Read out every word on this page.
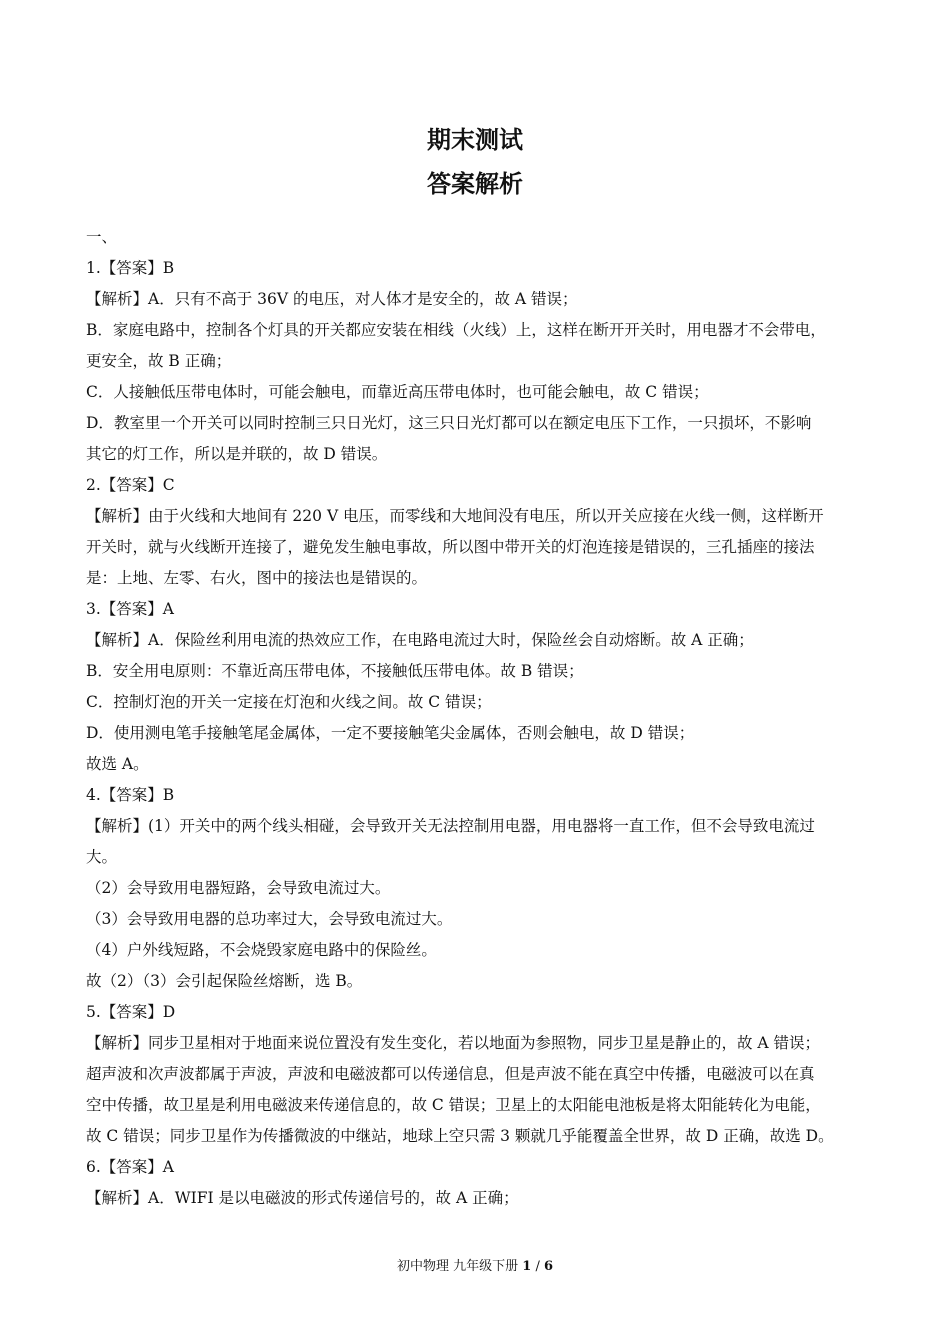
期末测试
答案解析
一、
1.【答案】B
【解析】A．只有不高于 36V 的电压，对人体才是安全的，故 A 错误；
B．家庭电路中，控制各个灯具的开关都应安装在相线（火线）上，这样在断开开关时，用电器才不会带电，
更安全，故 B 正确；
C．人接触低压带电体时，可能会触电，而靠近高压带电体时，也可能会触电，故 C 错误；
D．教室里一个开关可以同时控制三只日光灯，这三只日光灯都可以在额定电压下工作，一只损坏，不影响
其它的灯工作，所以是并联的，故 D 错误。
2.【答案】C
【解析】由于火线和大地间有 220 V 电压，而零线和大地间没有电压，所以开关应接在火线一侧，这样断开
开关时，就与火线断开连接了，避免发生触电事故，所以图中带开关的灯泡连接是错误的，三孔插座的接法
是：上地、左零、右火，图中的接法也是错误的。
3.【答案】A
【解析】A．保险丝利用电流的热效应工作，在电路电流过大时，保险丝会自动熔断。故 A 正确；
B．安全用电原则：不靠近高压带电体，不接触低压带电体。故 B 错误；
C．控制灯泡的开关一定接在灯泡和火线之间。故 C 错误；
D．使用测电笔手接触笔尾金属体，一定不要接触笔尖金属体，否则会触电，故 D 错误；
故选 A。
4.【答案】B
【解析】(1）开关中的两个线头相碰，会导致开关无法控制用电器，用电器将一直工作，但不会导致电流过
大。
（2）会导致用电器短路，会导致电流过大。
（3）会导致用电器的总功率过大，会导致电流过大。
（4）户外线短路，不会烧毁家庭电路中的保险丝。
故（2）（3）会引起保险丝熔断，选 B。
5.【答案】D
【解析】同步卫星相对于地面来说位置没有发生变化，若以地面为参照物，同步卫星是静止的，故 A 错误；
超声波和次声波都属于声波，声波和电磁波都可以传递信息，但是声波不能在真空中传播，电磁波可以在真
空中传播，故卫星是利用电磁波来传递信息的，故 C 错误；卫星上的太阳能电池板是将太阳能转化为电能，
故 C 错误；同步卫星作为传播微波的中继站，地球上空只需 3 颗就几乎能覆盖全世界，故 D 正确，故选 D。
6.【答案】A
【解析】A．WIFI 是以电磁波的形式传递信号的，故 A 正确；
初中物理 九年级下册 1 / 6
